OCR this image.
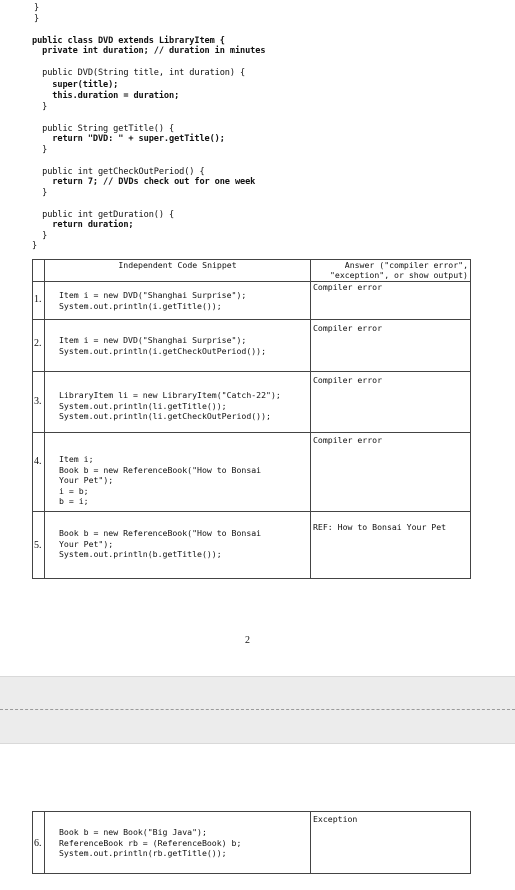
}
}
public class DVD extends LibraryItem {
private int duration; // duration in minutes
public DVD(String title, int duration) {
super(title);
this.duration = duration;
}
public String getTitle() {
return "DVD: " + super.getTitle();
}
public int getCheckOutPeriod() {
return 7; // DVDs check out for one week
}
public int getDuration() {
return duration;
}
}
	Independent Code Snippet	Answer ("compiler error", "exception", or show output)

1.	Item i = new DVD("Shanghai Surprise");
System.out.println(i.getTitle());	Compiler error

2.	Item i = new DVD("Shanghai Surprise");
System.out.println(i.getCheckOutPeriod());	Compiler error

3.	LibraryItem li = new LibraryItem("Catch-22");
System.out.println(li.getTitle());
System.out.println(li.getCheckOutPeriod());	Compiler error

4.	Item i;
Book b = new ReferenceBook("How to Bonsai
Your Pet");
i = b;
b = i;	Compiler error

5.	Book b = new ReferenceBook("How to Bonsai
Your Pet");
System.out.println(b.getTitle());	REF: How to Bonsai Your Pet
2
6.
	Book b = new Book("Big Java");
ReferenceBook rb = (ReferenceBook) b;
System.out.println(rb.getTitle());	Exception
